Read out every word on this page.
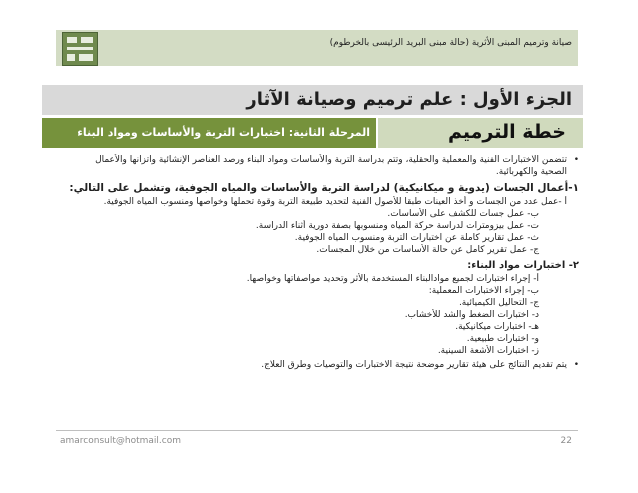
صيانة وترميم المبنى الأثرية (حالة مبنى البريد الرئيسى بالخرطوم)
الجزء الأول : علم ترميم وصيانة الآثار
خطة الترميم
المرحلة الثانية: اختبارات التربة والأساسات ومواد البناء
•
تتضمن الاختبارات الفنية والمعملية والحقلية، وتتم بدراسة التربة والأساسات ومواد البناء ورصد العناصر الإنشائية واتزانها والأعمال
الصحية والكهربائية.
١-أعمال الجسات (يدوية و ميكانيكية) لدراسة التربة والأساسات والمياه الجوفية، وتشمل على التالي:
أ -عمل عدد من الجسات و أخذ العينات طبقا للأصول الفنية لتحديد طبيعة التربة وقوة تحملها وخواصها ومنسوب المياه الجوفية.
ب- عمل جسات للكشف على الأساسات.
ت- عمل بيزومترات لدراسة حركة المياه ومنسوبها بصفة دورية أثناء الدراسة.
ث- عمل تقارير كاملة عن اختبارات التربة ومنسوب المياه الجوفية.
ج- عمل تقرير كامل عن حالة الأساسات من خلال المجسات.
٢- اختبارات مواد البناء:
أ- إجراء اختبارات لجميع موادالبناء المستخدمة بالأثر وتحديد مواصفاتها وخواصها.
ب- إجراء الاختبارات المعملية:
ج- التحاليل الكيميائية.
د- اختبارات الضغط والشد للأخشاب.
هـ- اختبارات ميكانيكية.
و- اختبارات طبيعية.
ز- اختبارات الأشعة السينية.
•
يتم تقديم النتائج على هيئة تقارير موضحة نتيجة الاختبارات والتوصيات وطرق العلاج.
amarconsult@hotmail.com	22
